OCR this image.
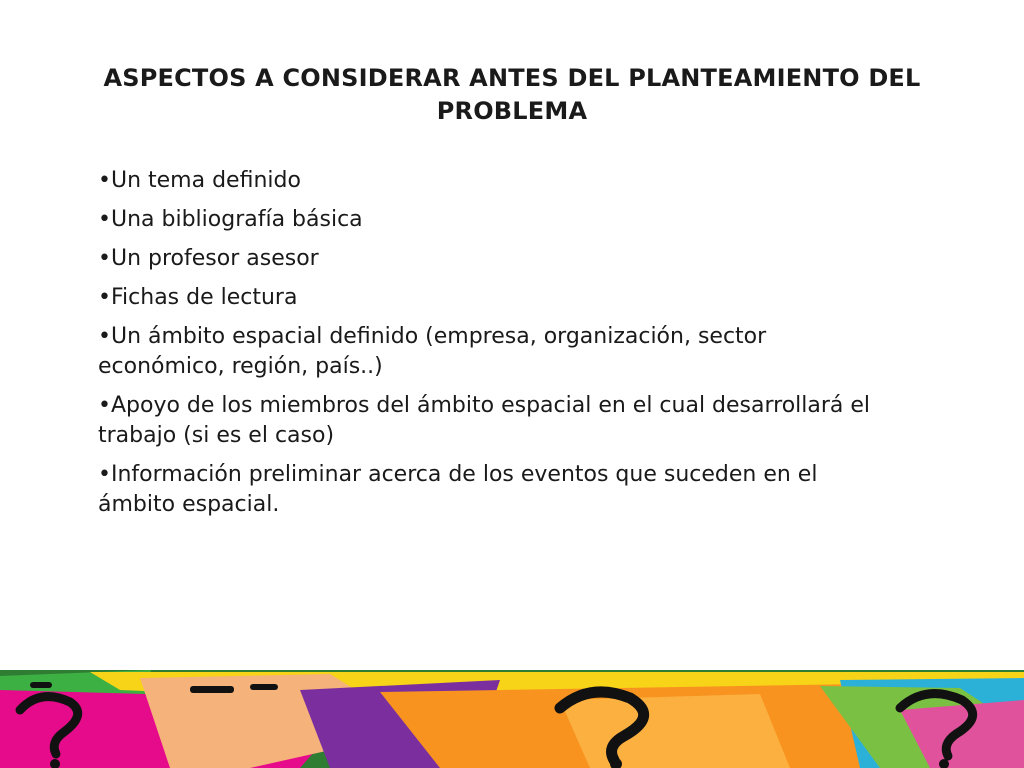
ASPECTOS A CONSIDERAR ANTES DEL PLANTEAMIENTO DEL
PROBLEMA
•Un tema definido
•Una bibliografía básica
•Un profesor asesor
•Fichas de lectura
•Un ámbito espacial definido (empresa, organización, sector
económico, región, país..)
•Apoyo de los miembros del ámbito espacial en el cual desarrollará el
trabajo (si es el caso)
•Información preliminar acerca de los eventos que suceden en el
ámbito espacial.
